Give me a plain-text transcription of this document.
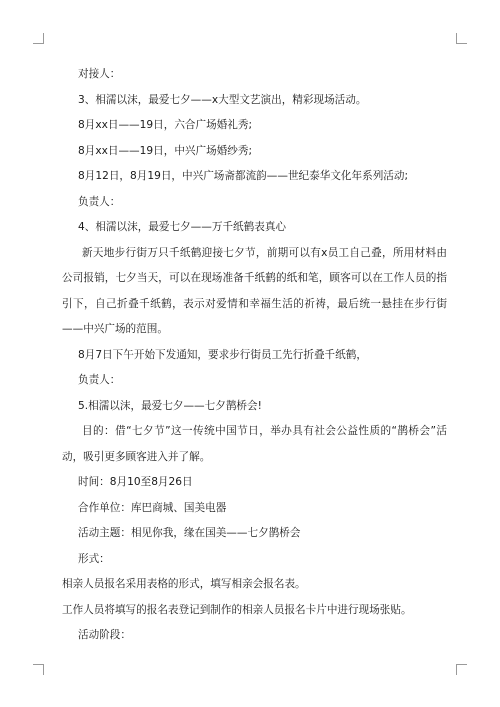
对接人：

3、相濡以沫，最爱七夕——x大型文艺演出，精彩现场活动。

8月xx日——19日，六合广场婚礼秀;

8月xx日——19日，中兴广场婚纱秀;

8月12日，8月19日，中兴广场斋都流韵——世纪泰华文化年系列活动;

负责人：

4、相濡以沫，最爱七夕——万千纸鹤表真心

新天地步行街万只千纸鹤迎接七夕节，前期可以有x员工自己叠，所用材料由公司报销，七夕当天，可以在现场准备千纸鹤的纸和笔，顾客可以在工作人员的指引下，自己折叠千纸鹤，表示对爱情和幸福生活的祈祷，最后统一悬挂在步行街——中兴广场的范围。

8月7日下午开始下发通知，要求步行街员工先行折叠千纸鹤，

负责人：

5.相濡以沫，最爱七夕——七夕鹊桥会!

目的：借“七夕节”这一传统中国节日，举办具有社会公益性质的“鹊桥会”活动，吸引更多顾客进入并了解。

时间：8月10至8月26日

合作单位：库巴商城、国美电器

活动主题：相见你我，缘在国美——七夕鹊桥会

形式：

相亲人员报名采用表格的形式，填写相亲会报名表。

工作人员将填写的报名表登记到制作的相亲人员报名卡片中进行现场张贴。

活动阶段：
